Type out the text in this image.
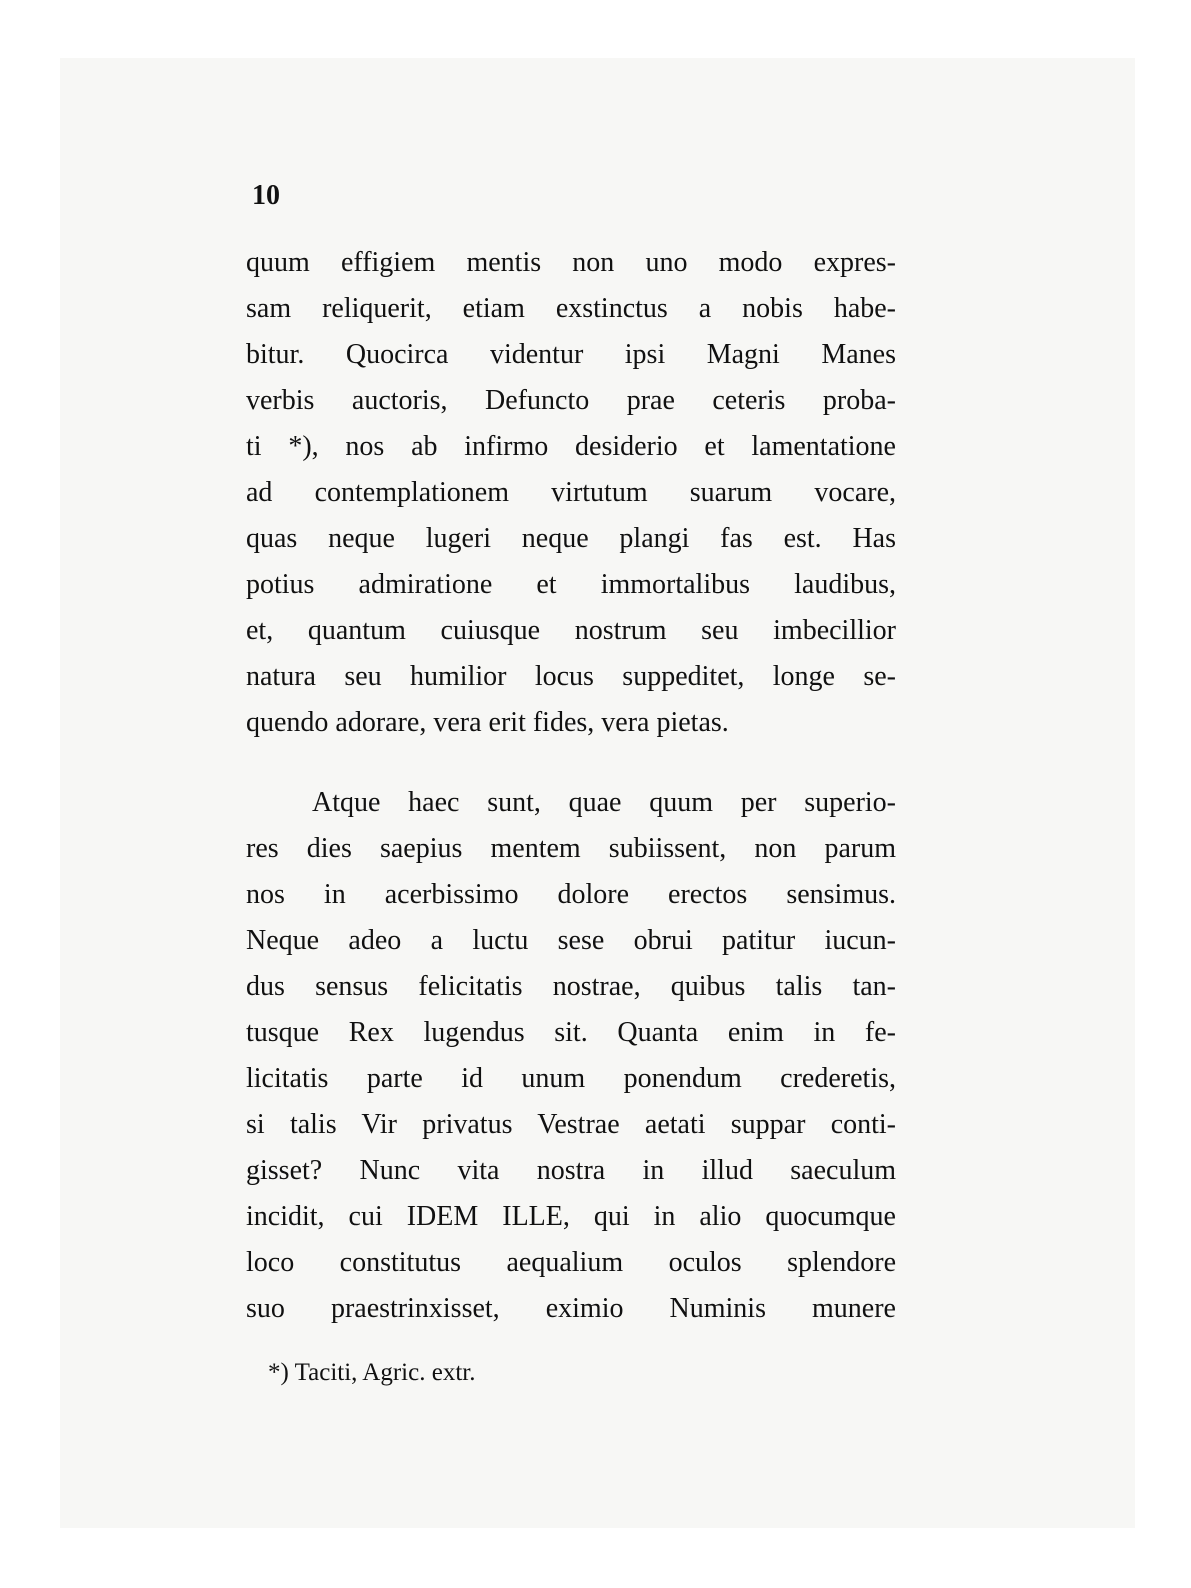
10
quum effigiem mentis non uno modo expres-
sam reliquerit, etiam exstinctus a nobis habe-
bitur. Quocirca videntur ipsi Magni Manes
verbis auctoris, Defuncto prae ceteris proba-
ti *), nos ab infirmo desiderio et lamentatione
ad contemplationem virtutum suarum vocare,
quas neque lugeri neque plangi fas est. Has
potius admiratione et immortalibus laudibus,
et, quantum cuiusque nostrum seu imbecillior
natura seu humilior locus suppeditet, longe se-
quendo adorare, vera erit fides, vera pietas.
Atque haec sunt, quae quum per superio-
res dies saepius mentem subiissent, non parum
nos in acerbissimo dolore erectos sensimus.
Neque adeo a luctu sese obrui patitur iucun-
dus sensus felicitatis nostrae, quibus talis tan-
tusque Rex lugendus sit. Quanta enim in fe-
licitatis parte id unum ponendum crederetis,
si talis Vir privatus Vestrae aetati suppar conti-
gisset? Nunc vita nostra in illud saeculum
incidit, cui IDEM ILLE, qui in alio quocumque
loco constitutus aequalium oculos splendore
suo praestrinxisset, eximio Numinis munere
*) Taciti, Agric. extr.
